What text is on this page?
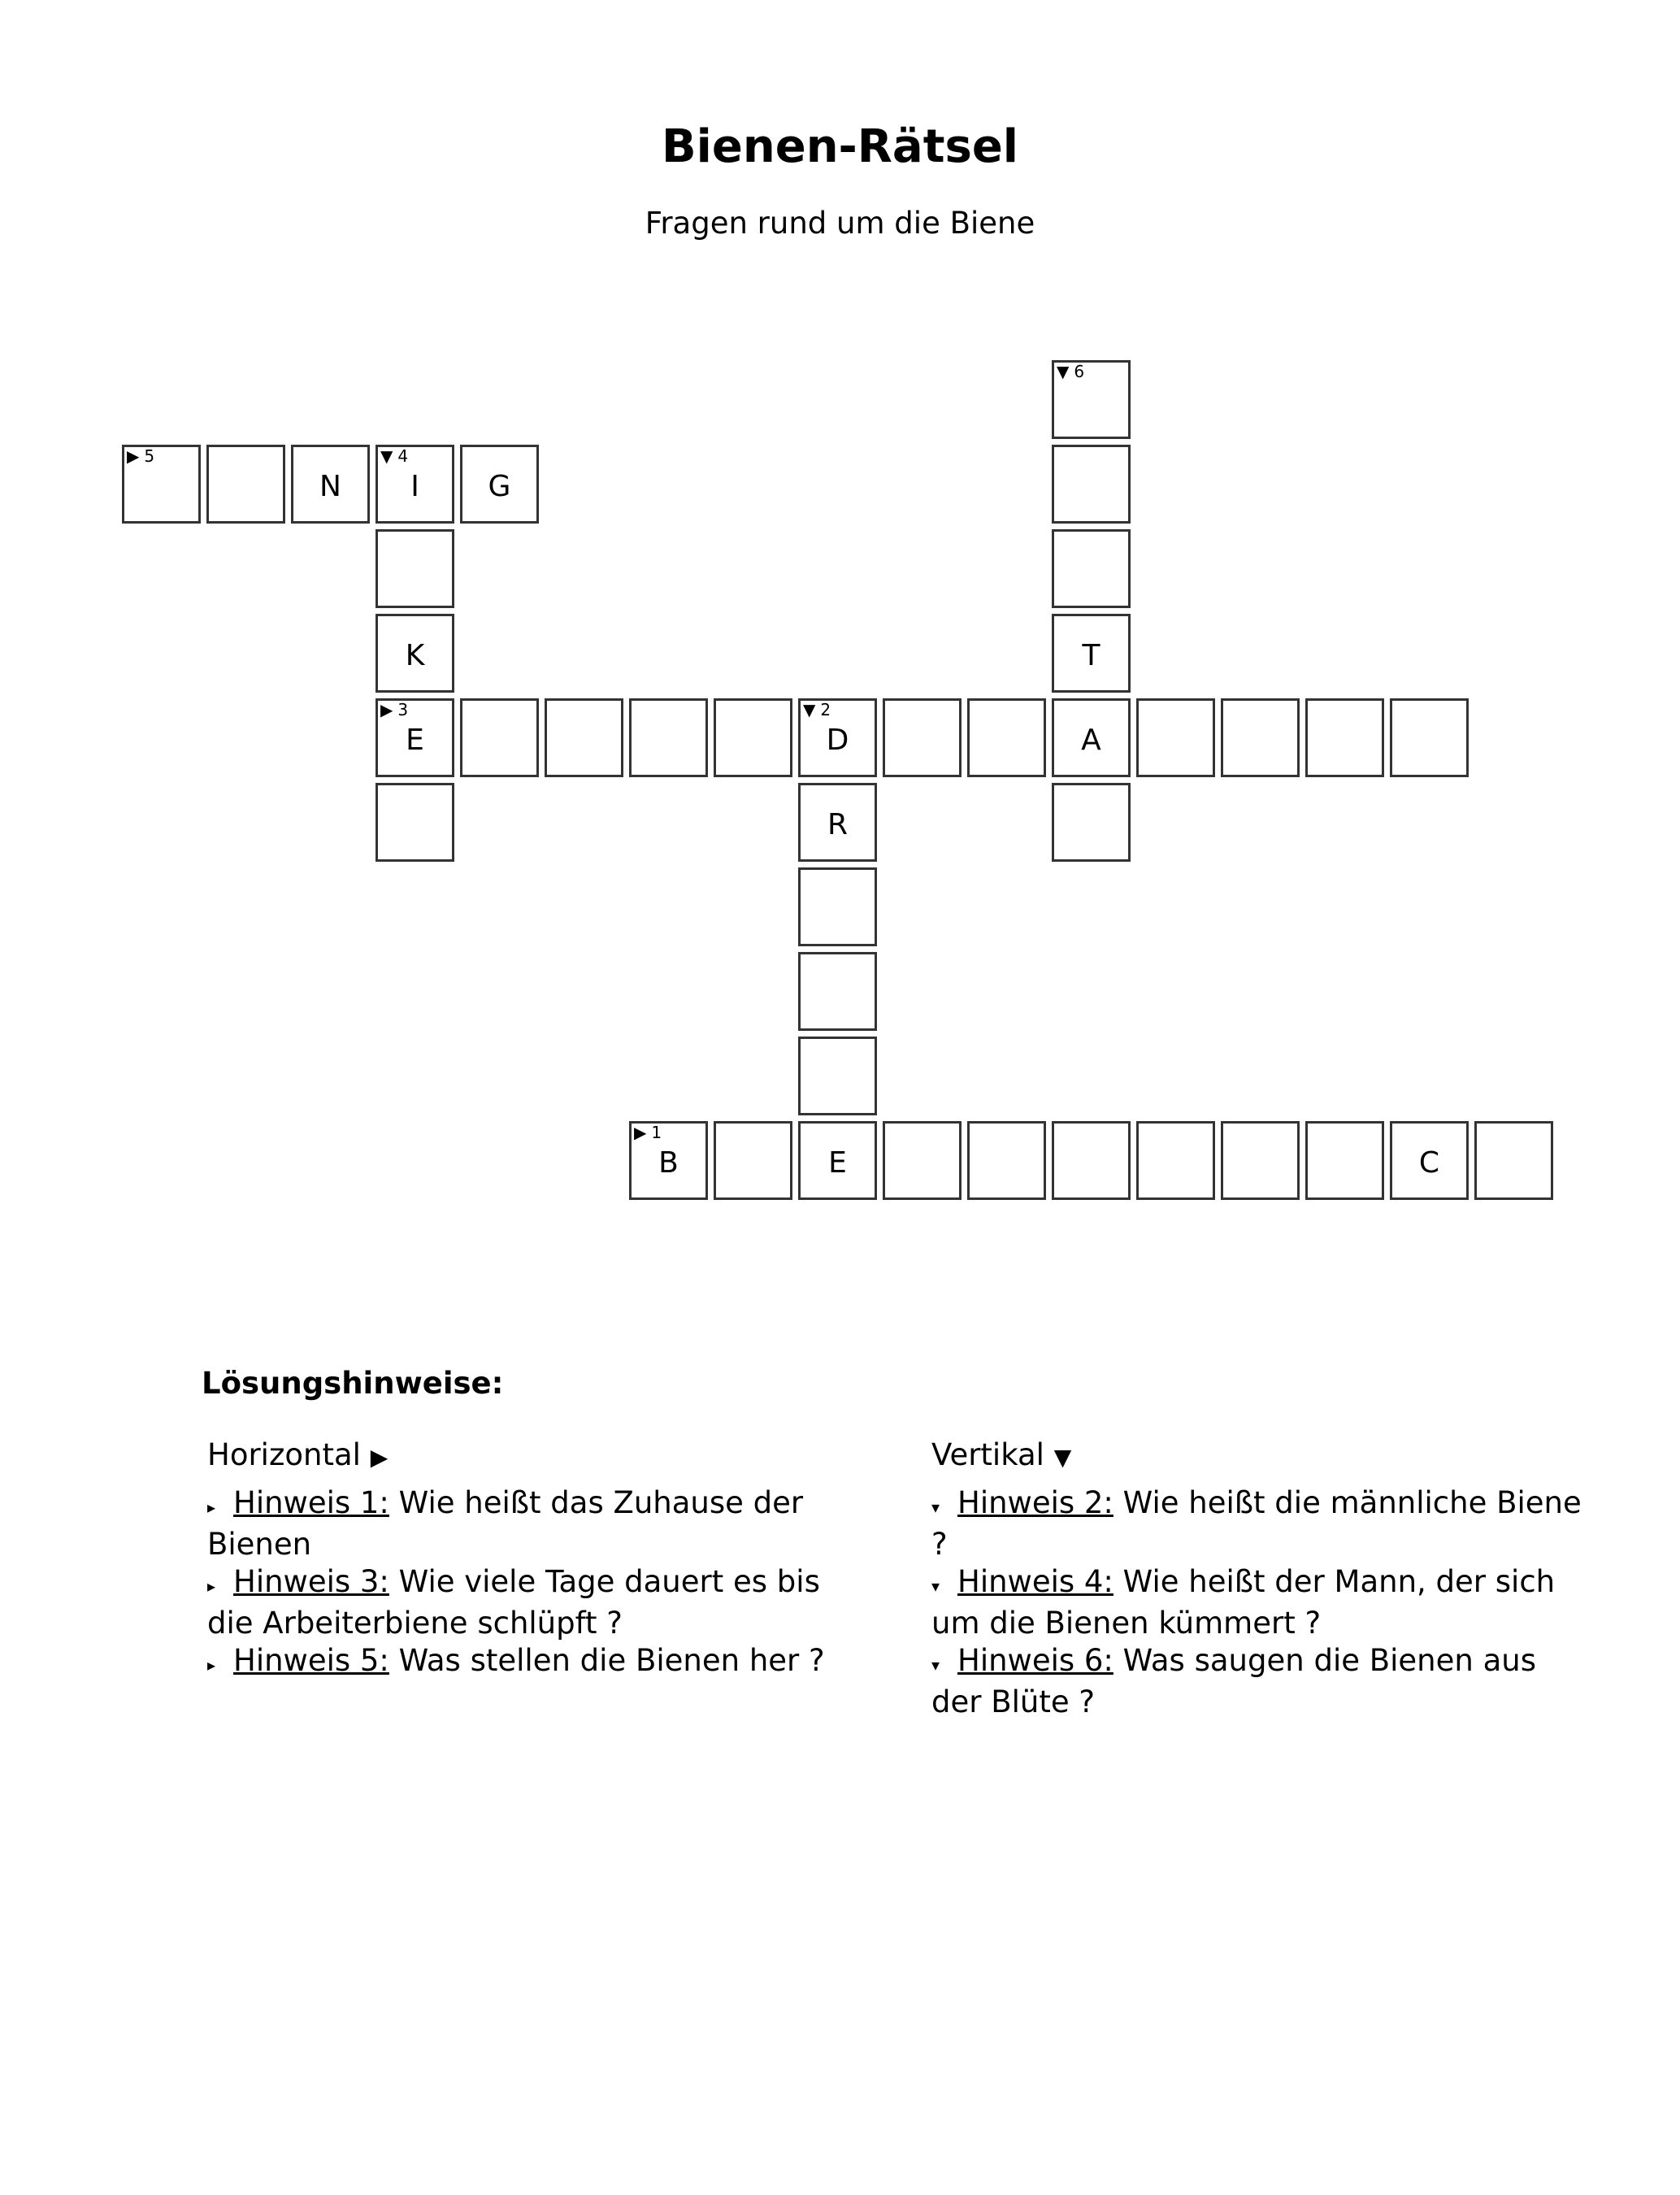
Bienen-Rätsel
Fragen rund um die Biene
▼ 6
▶ 5
N
▼ 4
I	G
K	T
▶ 3
E
▼ 2
D	A
R
▶ 1
B	E	C
Lösungshinweise:
Horizontal ▶
▸ Hinweis 1: Wie heißt das Zuhause der Bienen
▸ Hinweis 3: Wie viele Tage dauert es bis die Arbeiterbiene schlüpft ?
▸ Hinweis 5: Was stellen die Bienen her ?
Vertikal ▼
▾ Hinweis 2: Wie heißt die männliche Biene ?
▾ Hinweis 4: Wie heißt der Mann, der sich um die Bienen kümmert ?
▾ Hinweis 6: Was saugen die Bienen aus der Blüte ?
